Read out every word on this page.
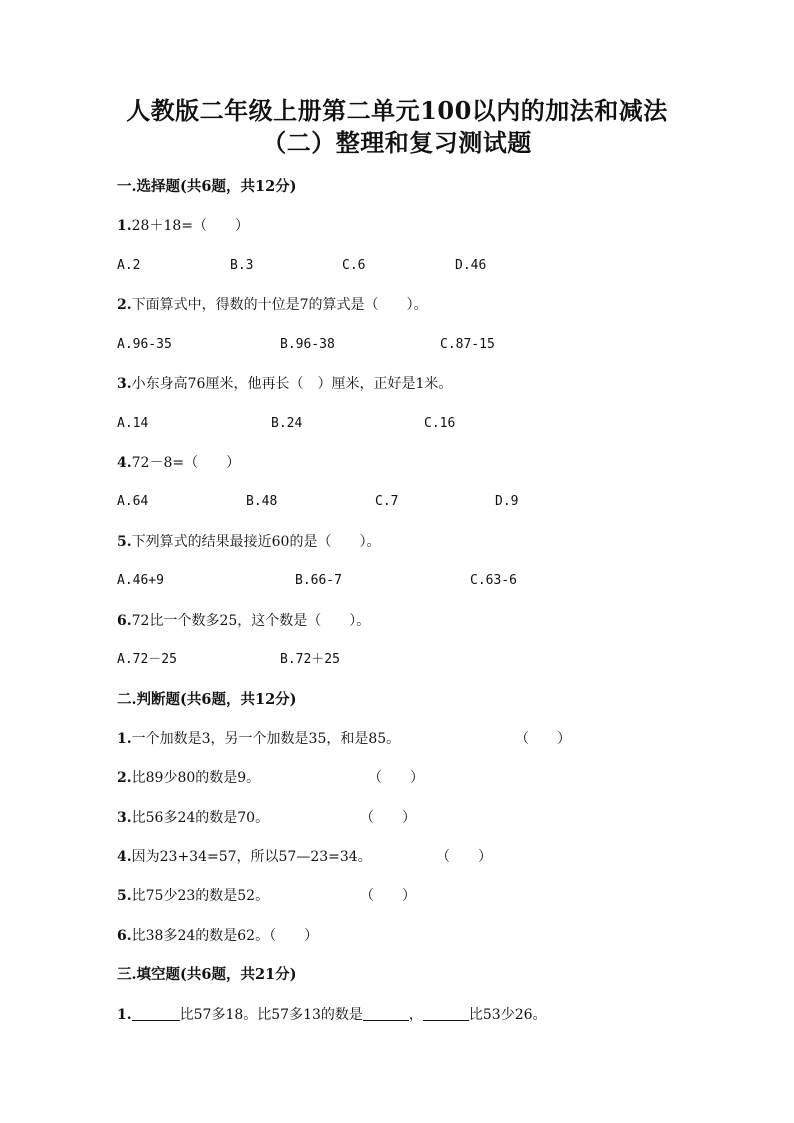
人教版二年级上册第二单元100以内的加法和减法
（二）整理和复习测试题
一.选择题(共6题，共12分)
1.28＋18=（　　）
A.2	B.3	C.6	D.46
2.下面算式中，得数的十位是7的算式是（　　）。
A.96-35	B.96-38	C.87-15
3.小东身高76厘米，他再长（　）厘米，正好是1米。
A.14	B.24	C.16
4.72－8=（　　）
A.64	B.48	C.7	D.9
5.下列算式的结果最接近60的是（　　）。
A.46+9	B.66-7	C.63-6
6.72比一个数多25，这个数是（　　）。
A.72－25	B.72＋25
二.判断题(共6题，共12分)
1.一个加数是3，另一个加数是35，和是85。	（　　）
2.比89少80的数是9。	（　　）
3.比56多24的数是70。	（　　）
4.因为23+34=57，所以57—23=34。	（　　）
5.比75少23的数是52。	（　　）
6.比38多24的数是62。（　　）
三.填空题(共6题，共21分)
1.	比57多18。比57多13的数是	，	比53少26。
